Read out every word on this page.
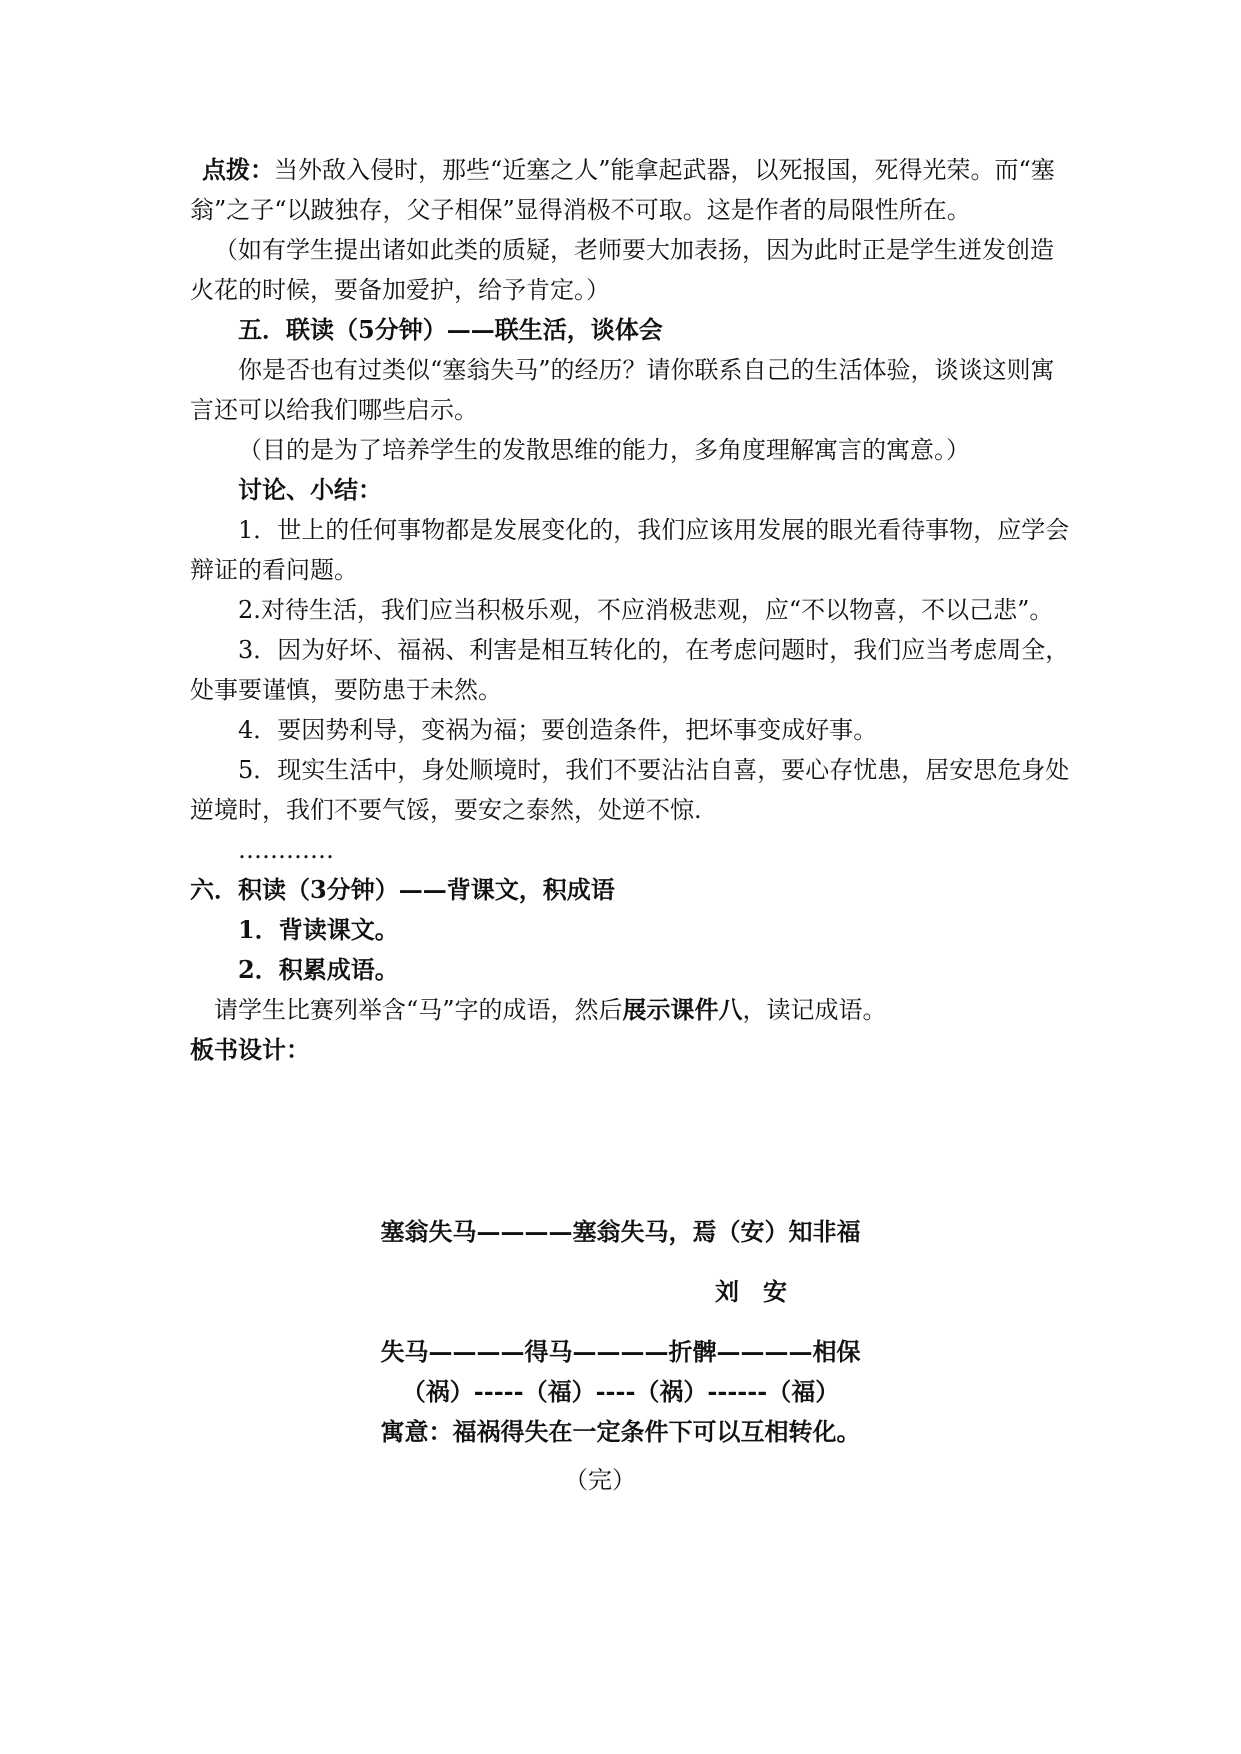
点拨：当外敌入侵时，那些“近塞之人”能拿起武器，以死报国，死得光荣。而“塞翁”之子“以跛独存，父子相保”显得消极不可取。这是作者的局限性所在。

（如有学生提出诸如此类的质疑，老师要大加表扬，因为此时正是学生迸发创造火花的时候，要备加爱护，给予肯定。）

五．联读（5分钟）——联生活，谈体会

你是否也有过类似“塞翁失马”的经历？请你联系自己的生活体验，谈谈这则寓言还可以给我们哪些启示。

（目的是为了培养学生的发散思维的能力，多角度理解寓言的寓意。）

讨论、小结：

1．世上的任何事物都是发展变化的，我们应该用发展的眼光看待事物，应学会辩证的看问题。

2.对待生活，我们应当积极乐观，不应消极悲观，应“不以物喜，不以己悲”。

3．因为好坏、福祸、利害是相互转化的，在考虑问题时，我们应当考虑周全，处事要谨慎，要防患于未然。

4．要因势利导，变祸为福；要创造条件，把坏事变成好事。

5．现实生活中，身处顺境时，我们不要沾沾自喜，要心存忧患，居安思危身处逆境时，我们不要气馁，要安之泰然，处逆不惊.

…………

六．积读（3分钟）——背课文，积成语

1．背读课文。

2．积累成语。

请学生比赛列举含“马”字的成语，然后展示课件八，读记成语。

板书设计：

塞翁失马————塞翁失马，焉（安）知非福

刘安

失马————得马————折髀————相保

（祸）-----（福）----（祸）------（福）

寓意：福祸得失在一定条件下可以互相转化。

（完）
